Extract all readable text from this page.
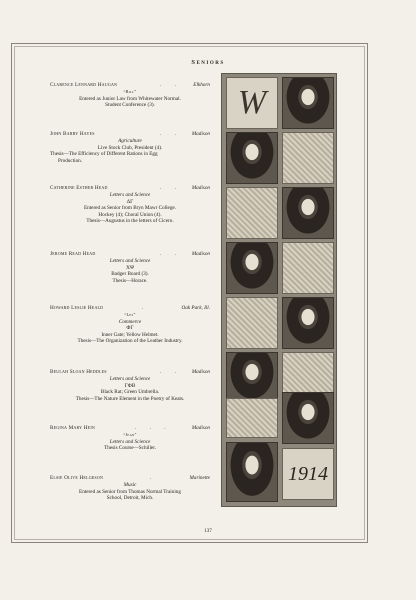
Seniors
Clarence Lennard Haugan	. . Elkhorn
“Bill”
Entered as Junior Law from Whitewater Normal.
Student Conference (3).
John Barry Hayes	. . Madison
Agriculture
Live Stock Club, President (4).
Thesis—The Efficiency of Different Rations in Egg
Production.
Catherine Esther Head	. . Madison
Letters and Science
ΔΓ
Entered as Senior from Bryn Mawr College.
Hockey (4); Choral Union (4).
Thesis—Augustus in the letters of Cicero.
Jerome Read Head	. . Madison
Letters and Science
XΨ
Badger Board (3).
Thesis—Horace.
Howard Leslie Heald	.	Oak Park, Ill.
“Les”
Commerce
ΦΓ
Inner Gate; Yellow Helmet.
Thesis—The Organization of the Leather Industry.
Beulah Sloan Heddles	. . Madison
Letters and Science
ΓΦB
Black Rat; Green Umbrella.
Thesis—The Nature Element in the Poetry of Keats.
Regina Mary Hein	. . .	Madison
“Jean”
Letters and Science
Thesis Course—Schiller.
Elsie Olive Helgeson	.	Marinette
Music
Entered as Senior from Thomas Normal Training
School, Detroit, Mich.
W
1914
137
